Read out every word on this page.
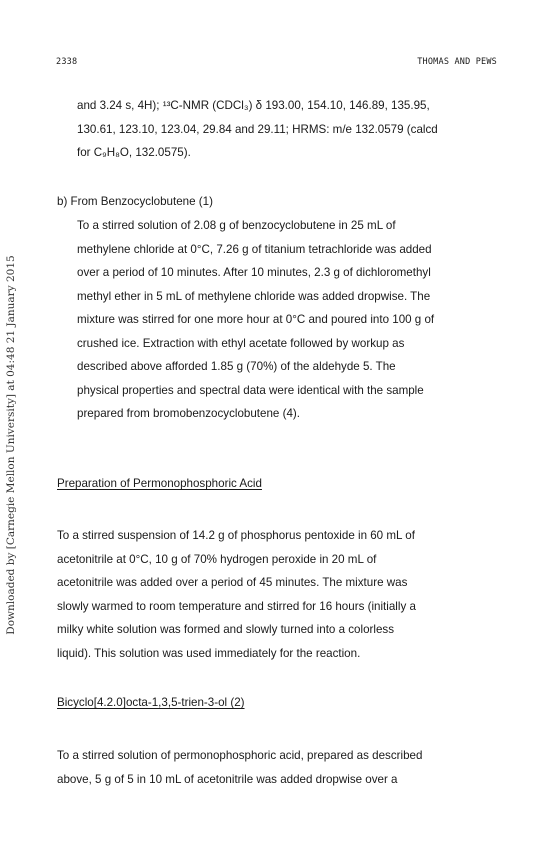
2338	THOMAS AND PEWS
Downloaded by [Carnegie Mellon University] at 04:48 21 January 2015
and 3.24 s, 4H); ¹³C-NMR (CDCl₃) δ 193.00, 154.10, 146.89, 135.95,
130.61, 123.10, 123.04, 29.84 and 29.11; HRMS: m/e 132.0579 (calcd
for C₉H₈O, 132.0575).
b) From Benzocyclobutene (1)
To a stirred solution of 2.08 g of benzocyclobutene in 25 mL of
methylene chloride at 0°C, 7.26 g of titanium tetrachloride was added
over a period of 10 minutes. After 10 minutes, 2.3 g of dichloromethyl
methyl ether in 5 mL of methylene chloride was added dropwise. The
mixture was stirred for one more hour at 0°C and poured into 100 g of
crushed ice. Extraction with ethyl acetate followed by workup as
described above afforded 1.85 g (70%) of the aldehyde 5. The
physical properties and spectral data were identical with the sample
prepared from bromobenzocyclobutene (4).
Preparation of Permonophosphoric Acid
To a stirred suspension of 14.2 g of phosphorus pentoxide in 60 mL of
acetonitrile at 0°C, 10 g of 70% hydrogen peroxide in 20 mL of
acetonitrile was added over a period of 45 minutes. The mixture was
slowly warmed to room temperature and stirred for 16 hours (initially a
milky white solution was formed and slowly turned into a colorless
liquid). This solution was used immediately for the reaction.
Bicyclo[4.2.0]octa-1,3,5-trien-3-ol (2)
To a stirred solution of permonophosphoric acid, prepared as described
above, 5 g of 5 in 10 mL of acetonitrile was added dropwise over a
